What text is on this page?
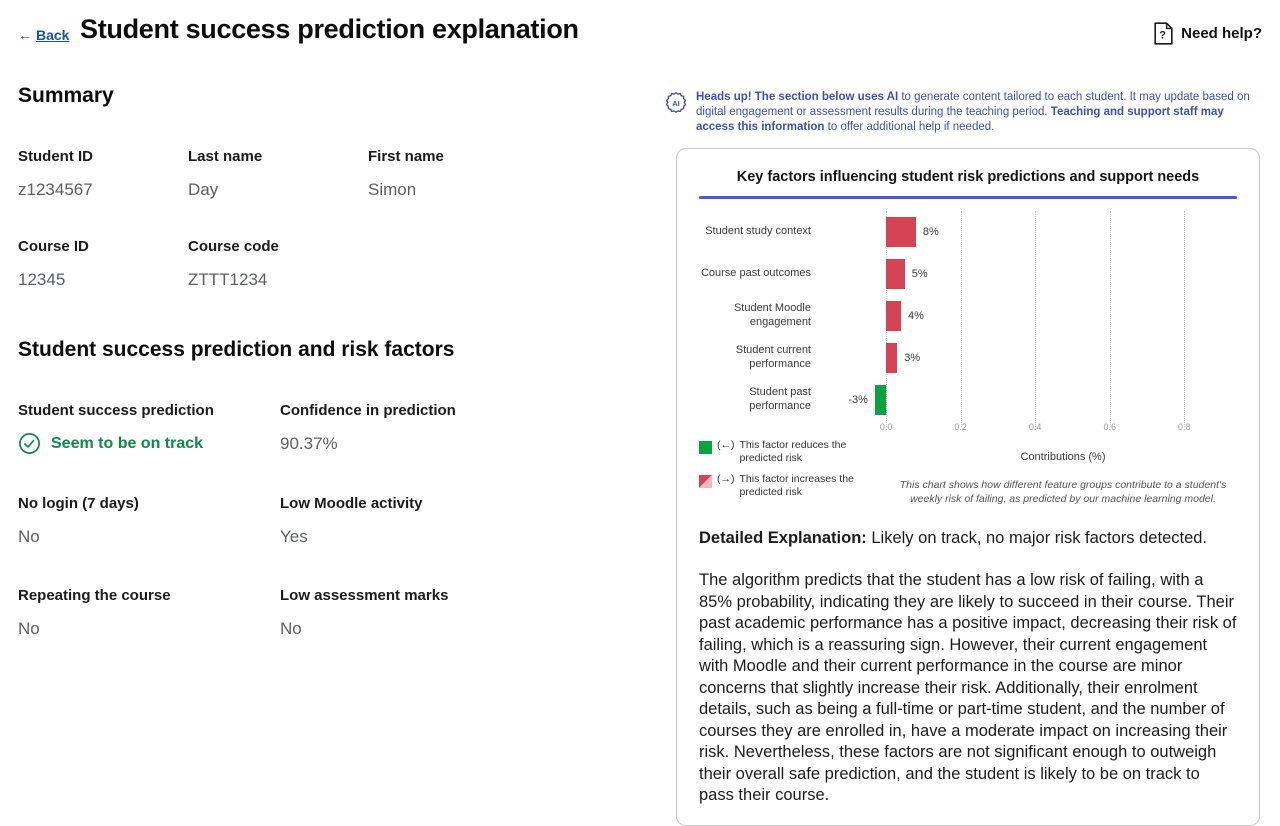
← Back Student success prediction explanation	? Need help?
Summary
Student ID
z1234567
Last name
Day
First name
Simon
Course ID
12345
Course code
ZTTT1234
Student success prediction and risk factors
Student success prediction
Seem to be on track
Confidence in prediction
90.37%
No login (7 days)
No
Low Moodle activity
Yes
Repeating the course
No
Low assessment marks
No
AI
Heads up! The section below uses AI to generate content tailored to each student. It may update based on digital engagement or assessment results during the teaching period. Teaching and support staff may access this information to offer additional help if needed.
Key factors influencing student risk predictions and support needs
Student study context	8%
Course past outcomes	5%
Student Moodle engagement	4%
Student current performance	3%
Student past performance	-3%
0.0	0.2	0.4	0.6	0.8
(←) This factor reduces the predicted risk
(→) This factor increases the predicted risk
Contributions (%)
This chart shows how different feature groups contribute to a student's weekly risk of failing, as predicted by our machine learning model.
Detailed Explanation: Likely on track, no major risk factors detected.
The algorithm predicts that the student has a low risk of failing, with a 85% probability, indicating they are likely to succeed in their course. Their past academic performance has a positive impact, decreasing their risk of failing, which is a reassuring sign. However, their current engagement with Moodle and their current performance in the course are minor concerns that slightly increase their risk. Additionally, their enrolment details, such as being a full-time or part-time student, and the number of courses they are enrolled in, have a moderate impact on increasing their risk. Nevertheless, these factors are not significant enough to outweigh their overall safe prediction, and the student is likely to be on track to pass their course.
